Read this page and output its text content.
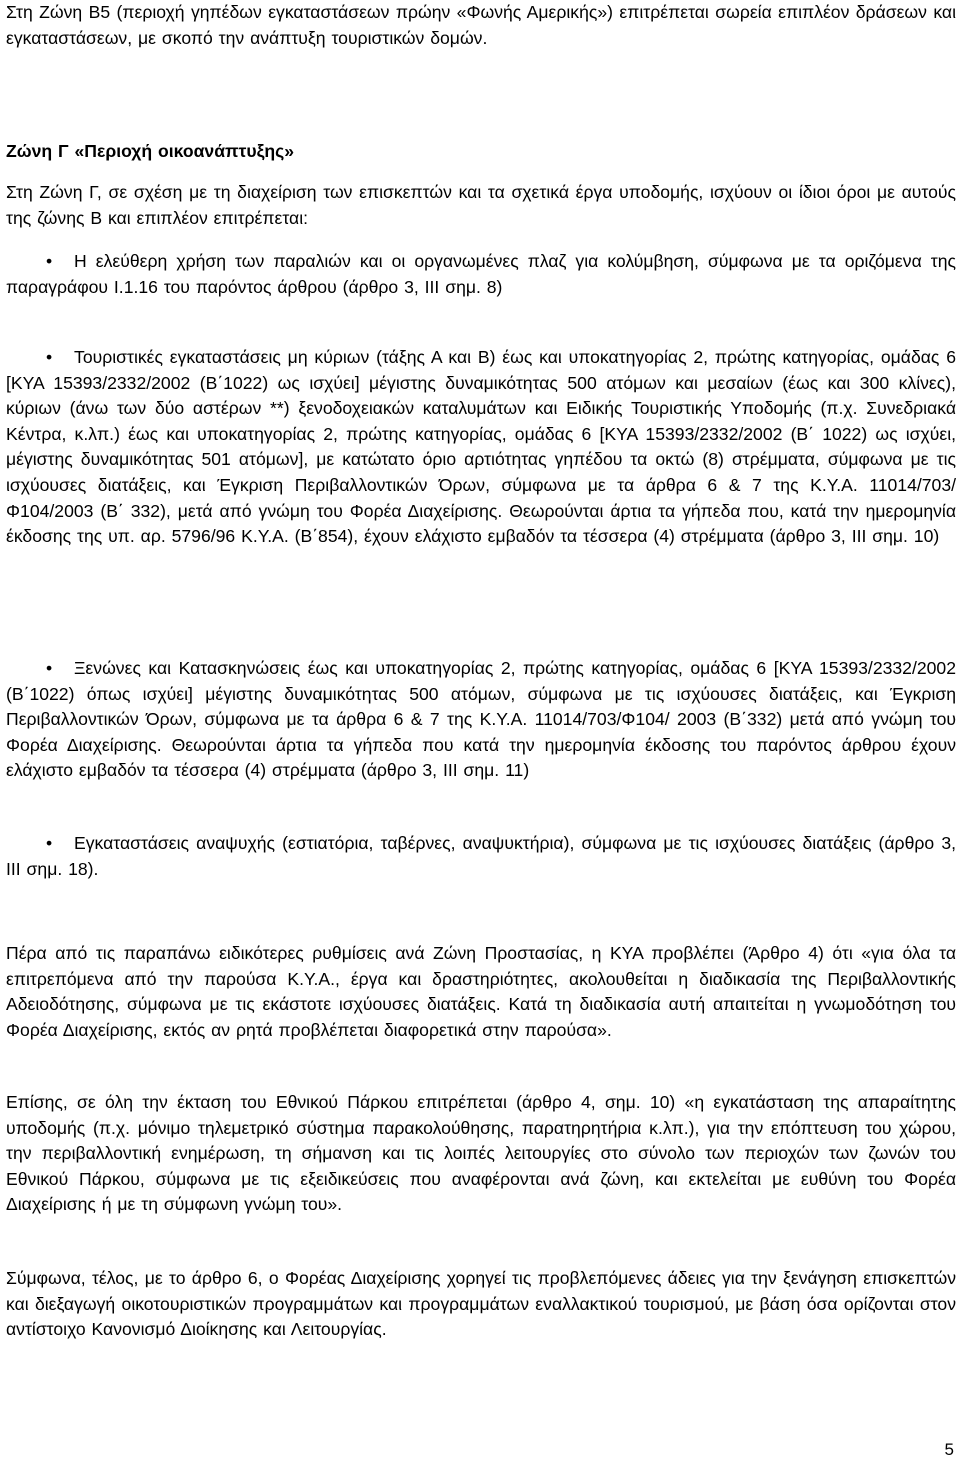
Στη Ζώνη Β5 (περιοχή γηπέδων εγκαταστάσεων πρώην «Φωνής Αμερικής») επιτρέπεται σωρεία επιπλέον δράσεων και εγκαταστάσεων, με σκοπό την ανάπτυξη τουριστικών δομών.

Ζώνη Γ «Περιοχή οικοανάπτυξης»

Στη Ζώνη Γ, σε σχέση με τη διαχείριση των επισκεπτών και τα σχετικά έργα υποδομής, ισχύουν οι ίδιοι όροι με αυτούς της ζώνης Β και επιπλέον επιτρέπεται:

• Η ελεύθερη χρήση των παραλιών και οι οργανωμένες πλαζ για κολύμβηση, σύμφωνα με τα οριζόμενα της παραγράφου Ι.1.16 του παρόντος άρθρου (άρθρο 3, ΙΙΙ σημ. 8)

• Τουριστικές εγκαταστάσεις μη κύριων (τάξης Α και Β) έως και υποκατηγορίας 2, πρώτης κατηγορίας, ομάδας 6 [ΚΥΑ 15393/2332/2002 (Β΄1022) ως ισχύει] μέγιστης δυναμικότητας 500 ατόμων και μεσαίων (έως και 300 κλίνες), κύριων (άνω των δύο αστέρων **) ξενοδοχειακών καταλυμάτων και Ειδικής Τουριστικής Υποδομής (π.χ. Συνεδριακά Κέντρα, κ.λπ.) έως και υποκατηγορίας 2, πρώτης κατηγορίας, ομάδας 6 [ΚΥΑ 15393/2332/2002 (Β΄ 1022) ως ισχύει, μέγιστης δυναμικότητας 501 ατόμων], με κατώτατο όριο αρτιότητας γηπέδου τα οκτώ (8) στρέμματα, σύμφωνα με τις ισχύουσες διατάξεις, και Έγκριση Περιβαλλοντικών Όρων, σύμφωνα με τα άρθρα 6 & 7 της Κ.Υ.Α. 11014/703/Φ104/2003 (Β΄ 332), μετά από γνώμη του Φορέα Διαχείρισης. Θεωρούνται άρτια τα γήπεδα που, κατά την ημερομηνία έκδοσης της υπ. αρ. 5796/96 Κ.Υ.Α. (Β΄854), έχουν ελάχιστο εμβαδόν τα τέσσερα (4) στρέμματα (άρθρο 3, ΙΙΙ σημ. 10)

• Ξενώνες και Κατασκηνώσεις έως και υποκατηγορίας 2, πρώτης κατηγορίας, ομάδας 6 [ΚΥΑ 15393/2332/2002 (Β΄1022) όπως ισχύει] μέγιστης δυναμικότητας 500 ατόμων, σύμφωνα με τις ισχύουσες διατάξεις, και Έγκριση Περιβαλλοντικών Όρων, σύμφωνα με τα άρθρα 6 & 7 της Κ.Υ.Α. 11014/703/Φ104/ 2003 (Β΄332) μετά από γνώμη του Φορέα Διαχείρισης. Θεωρούνται άρτια τα γήπεδα που κατά την ημερομηνία έκδοσης του παρόντος άρθρου έχουν ελάχιστο εμβαδόν τα τέσσερα (4) στρέμματα (άρθρο 3, ΙΙΙ σημ. 11)

• Εγκαταστάσεις αναψυχής (εστιατόρια, ταβέρνες, αναψυκτήρια), σύμφωνα με τις ισχύουσες διατάξεις (άρθρο 3, ΙΙΙ σημ. 18).

Πέρα από τις παραπάνω ειδικότερες ρυθμίσεις ανά Ζώνη Προστασίας, η ΚΥΑ προβλέπει (Άρθρο 4) ότι «για όλα τα επιτρεπόμενα από την παρούσα Κ.Υ.Α., έργα και δραστηριότητες, ακολουθείται η διαδικασία της Περιβαλλοντικής Αδειοδότησης, σύμφωνα με τις εκάστοτε ισχύουσες διατάξεις. Κατά τη διαδικασία αυτή απαιτείται η γνωμοδότηση του Φορέα Διαχείρισης, εκτός αν ρητά προβλέπεται διαφορετικά στην παρούσα».

Επίσης, σε όλη την έκταση του Εθνικού Πάρκου επιτρέπεται (άρθρο 4, σημ. 10) «η εγκατάσταση της απαραίτητης υποδομής (π.χ. μόνιμο τηλεμετρικό σύστημα παρακολούθησης, παρατηρητήρια κ.λπ.), για την επόπτευση του χώρου, την περιβαλλοντική ενημέρωση, τη σήμανση και τις λοιπές λειτουργίες στο σύνολο των περιοχών των ζωνών του Εθνικού Πάρκου, σύμφωνα με τις εξειδικεύσεις που αναφέρονται ανά ζώνη, και εκτελείται με ευθύνη του Φορέα Διαχείρισης ή με τη σύμφωνη γνώμη του».

Σύμφωνα, τέλος, με το άρθρο 6, ο Φορέας Διαχείρισης χορηγεί τις προβλεπόμενες άδειες για την ξενάγηση επισκεπτών και διεξαγωγή οικοτουριστικών προγραμμάτων και προγραμμάτων εναλλακτικού τουρισμού, με βάση όσα ορίζονται στον αντίστοιχο Κανονισμό Διοίκησης και Λειτουργίας.

5
